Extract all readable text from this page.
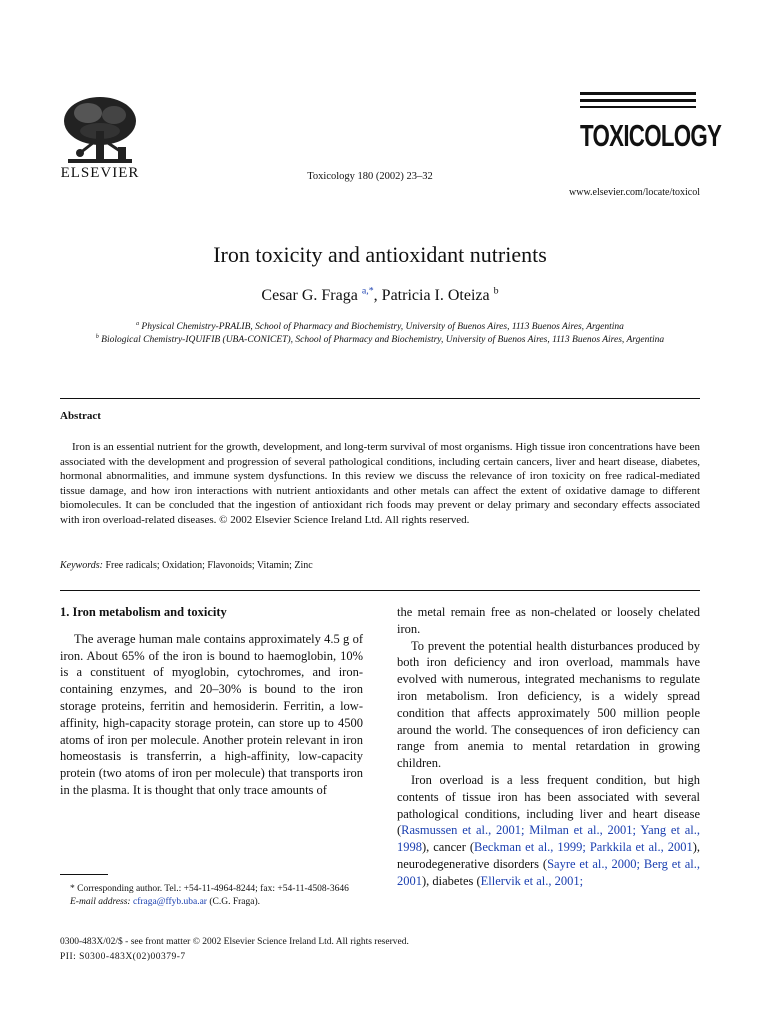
ELSEVIER	Toxicology 180 (2002) 23–32
TOXICOLOGY
www.elsevier.com/locate/toxicol
Iron toxicity and antioxidant nutrients
Cesar G. Fraga $^{a,*}$, Patricia I. Oteiza $^b$
$^a$ Physical Chemistry-PRALIB, School of Pharmacy and Biochemistry, University of Buenos Aires, 1113 Buenos Aires, Argentina
$^b$ Biological Chemistry-IQUIFIB (UBA-CONICET), School of Pharmacy and Biochemistry, University of Buenos Aires, 1113 Buenos Aires, Argentina
Abstract
Iron is an essential nutrient for the growth, development, and long-term survival of most organisms. High tissue iron concentrations have been associated with the development and progression of several pathological conditions, including certain cancers, liver and heart disease, diabetes, hormonal abnormalities, and immune system dysfunctions. In this review we discuss the relevance of iron toxicity on free radical-mediated tissue damage, and how iron interactions with nutrient antioxidants and other metals can affect the extent of oxidative damage to different biomolecules. It can be concluded that the ingestion of antioxidant rich foods may prevent or delay primary and secondary effects associated with iron overload-related diseases. © 2002 Elsevier Science Ireland Ltd. All rights reserved.
Keywords: Free radicals; Oxidation; Flavonoids; Vitamin; Zinc

1. Iron metabolism and toxicity

The average human male contains approximately 4.5 g of iron. About 65% of the iron is bound to haemoglobin, 10% is a constituent of myoglobin, cytochromes, and iron-containing enzymes, and 20–30% is bound to the iron storage proteins, ferritin and hemosiderin. Ferritin, a low-affinity, high-capacity storage protein, can store up to 4500 atoms of iron per molecule. Another protein relevant in iron homeostasis is transferrin, a high-affinity, low-capacity protein (two atoms of iron per molecule) that transports iron in the plasma. It is thought that only trace amounts of

the metal remain free as non-chelated or loosely chelated iron.

To prevent the potential health disturbances produced by both iron deficiency and iron overload, mammals have evolved with numerous, integrated mechanisms to regulate iron metabolism. Iron deficiency, is a widely spread condition that affects approximately 500 million people around the world. The consequences of iron deficiency can range from anemia to mental retardation in growing children.

Iron overload is a less frequent condition, but high contents of tissue iron has been associated with several pathological conditions, including liver and heart disease (Rasmussen et al., 2001; Milman et al., 2001; Yang et al., 1998), cancer (Beckman et al., 1999; Parkkila et al., 2001), neurodegenerative disorders (Sayre et al., 2000; Berg et al., 2001), diabetes (Ellervik et al., 2001;

* Corresponding author. Tel.: +54-11-4964-8244; fax: +54-11-4508-3646
E-mail address: cfraga@ffyb.uba.ar (C.G. Fraga).
0300-483X/02/$ - see front matter © 2002 Elsevier Science Ireland Ltd. All rights reserved.
PII: S0300-483X(02)00379-7
